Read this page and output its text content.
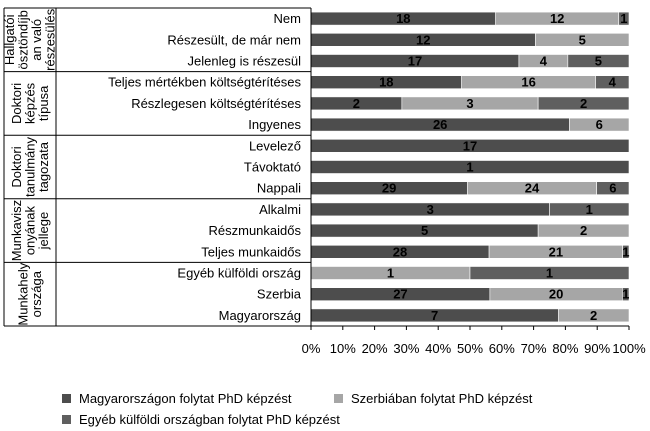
Hallgatóiösztöndíjban valórészesülés	Nem	18	12	1
Részesült, de már nem	12	5
Jelenleg is részesül	17	4	5
Doktoriképzéstípusa
Teljes mértékben költségtérítéses	18	16	4
Részlegesen költségtérítéses	2	3	2
Ingyenes	26	6
Doktoritanulmánytagozata	Levelező	17
Távoktató	1
Nappali	29	24	6
Munkaviszonyánakjellege
Alkalmi	3	1
Részmunkaidős	5	2
Teljes munkaidős	28	21	1
Munkahelyországa	Egyéb külföldi ország	1	1
Szerbia	27	20	1
Magyarország	7	2
0% 10% 20% 30% 40% 50% 60% 70% 80% 90% 100%
Magyarországon folytat PhD képzést	Szerbiában folytat PhD képzést
Egyéb külföldi országban folytat PhD képzést
